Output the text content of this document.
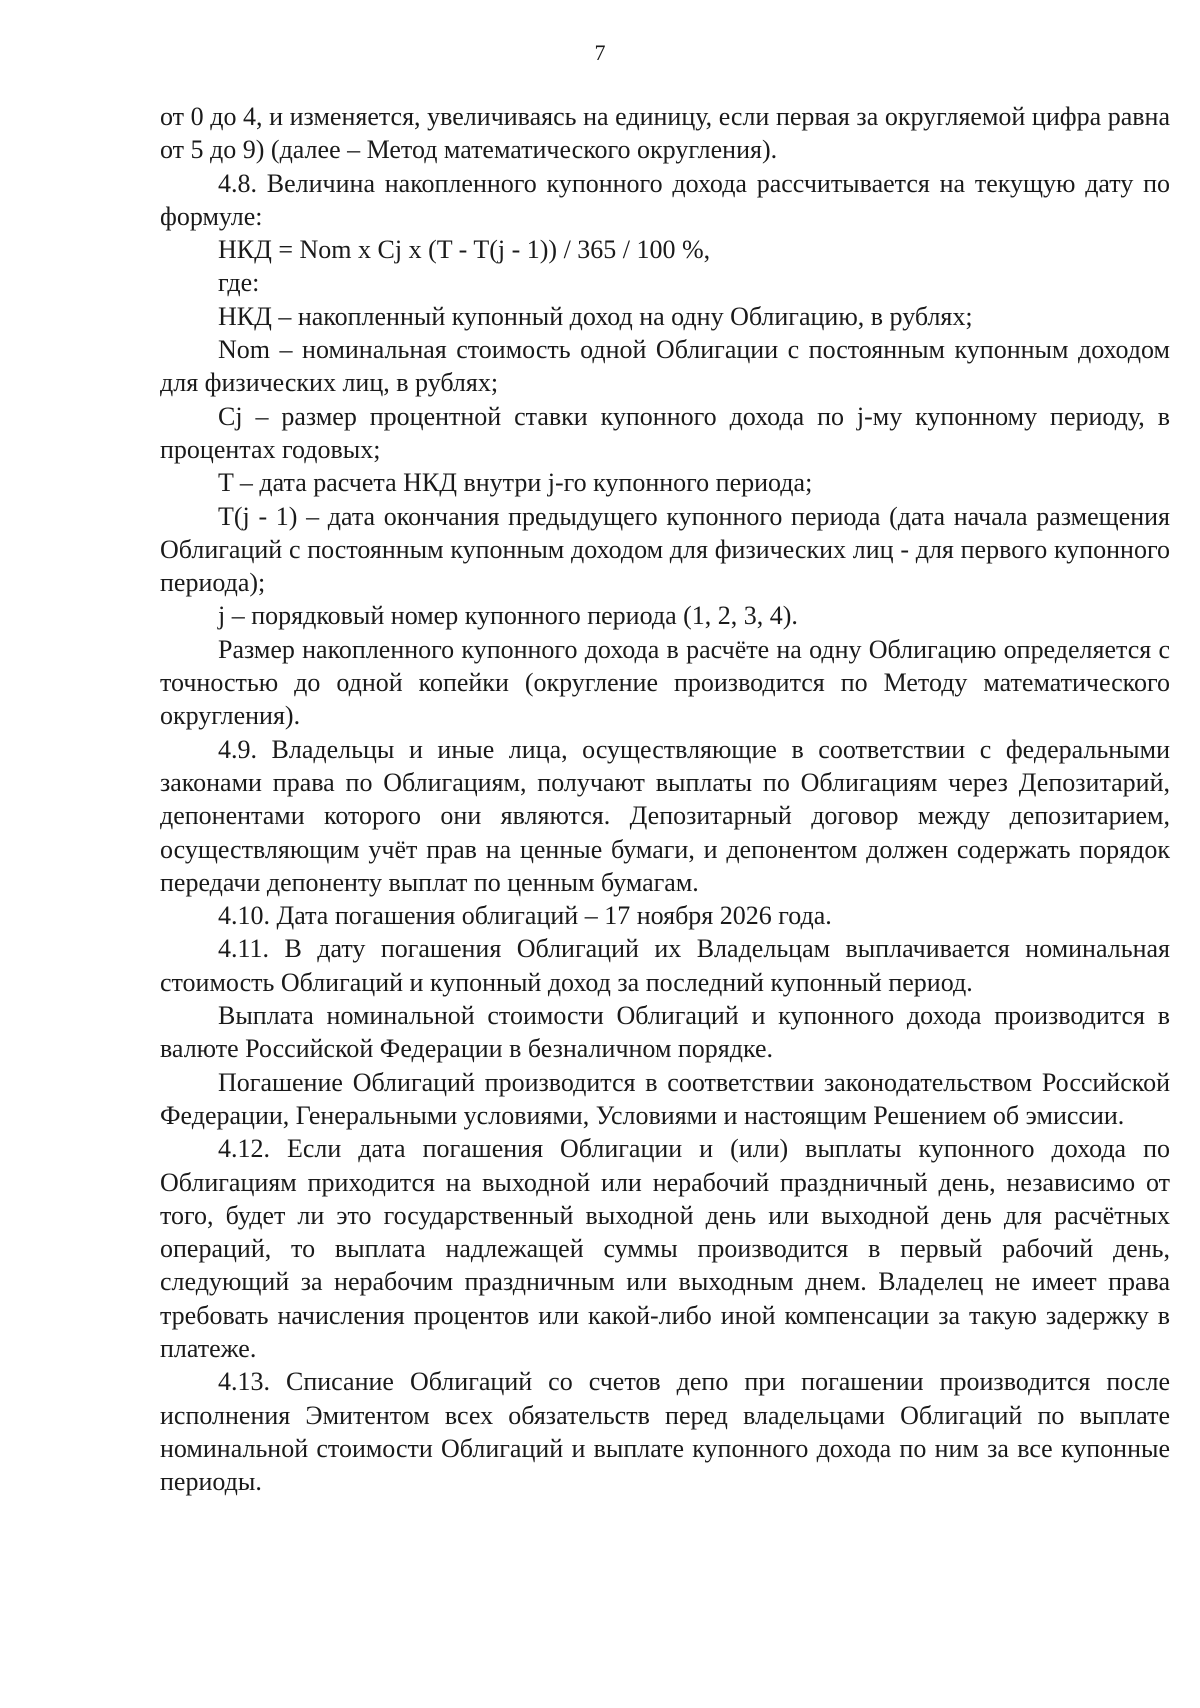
7

от 0 до 4, и изменяется, увеличиваясь на единицу, если первая за округляемой цифра равна от 5 до 9) (далее – Метод математического округления).

4.8. Величина накопленного купонного дохода рассчитывается на текущую дату по формуле:

НКД = Nom x Cj x (T - T(j - 1)) / 365 / 100 %,

где:

НКД – накопленный купонный доход на одну Облигацию, в рублях;

Nom – номинальная стоимость одной Облигации с постоянным купонным доходом для физических лиц, в рублях;

Cj – размер процентной ставки купонного дохода по j-му купонному периоду, в процентах годовых;

T – дата расчета НКД внутри j-го купонного периода;

T(j - 1) – дата окончания предыдущего купонного периода (дата начала размещения Облигаций с постоянным купонным доходом для физических лиц - для первого купонного периода);

j – порядковый номер купонного периода (1, 2, 3, 4).

Размер накопленного купонного дохода в расчёте на одну Облигацию определяется с точностью до одной копейки (округление производится по Методу математического округления).

4.9. Владельцы и иные лица, осуществляющие в соответствии с федеральными законами права по Облигациям, получают выплаты по Облигациям через Депозитарий, депонентами которого они являются. Депозитарный договор между депозитарием, осуществляющим учёт прав на ценные бумаги, и депонентом должен содержать порядок передачи депоненту выплат по ценным бумагам.

4.10. Дата погашения облигаций – 17 ноября 2026 года.

4.11. В дату погашения Облигаций их Владельцам выплачивается номинальная стоимость Облигаций и купонный доход за последний купонный период.

Выплата номинальной стоимости Облигаций и купонного дохода производится в валюте Российской Федерации в безналичном порядке.

Погашение Облигаций производится в соответствии законодательством Российской Федерации, Генеральными условиями, Условиями и настоящим Решением об эмиссии.

4.12. Если дата погашения Облигации и (или) выплаты купонного дохода по Облигациям приходится на выходной или нерабочий праздничный день, независимо от того, будет ли это государственный выходной день или выходной день для расчётных операций, то выплата надлежащей суммы производится в первый рабочий день, следующий за нерабочим праздничным или выходным днем. Владелец не имеет права требовать начисления процентов или какой-либо иной компенсации за такую задержку в платеже.

4.13. Списание Облигаций со счетов депо при погашении производится после исполнения Эмитентом всех обязательств перед владельцами Облигаций по выплате номинальной стоимости Облигаций и выплате купонного дохода по ним за все купонные периоды.
